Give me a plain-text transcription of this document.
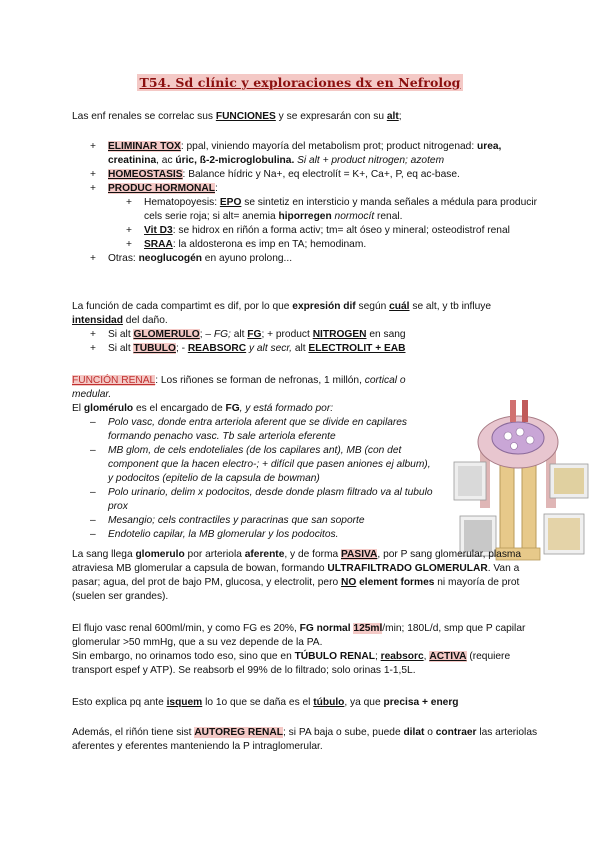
T54. Sd clínic y exploraciones dx en Nefrolog

Las enf renales se correlac sus FUNCIONES y se expresarán con su alt;

+ ELIMINAR TOX: ppal, viniendo mayoría del metabolism prot; product nitrogenad: urea, creatinina, ac úric, ß-2-microglobulina. Si alt + product nitrogen; azotem
+ HOMEOSTASIS: Balance hídric y Na+, eq electrolít = K+, Ca+, P, eq ac-base.
+ PRODUC HORMONAL:
+ Hematopoyesis: EPO se sintetiz en intersticio y manda señales a médula para producir cels serie roja; si alt= anemia hiporregen normocít renal.
+ Vit D3: se hidrox en riñón a forma activ; tm= alt óseo y mineral; osteodistrof renal
+ SRAA: la aldosterona es imp en TA; hemodinam.
+ Otras: neoglucogén en ayuno prolong...

La función de cada compartimt es dif, por lo que expresión dif según cuál se alt, y tb influye intensidad del daño.

+ Si alt GLOMERULO; – FG; alt FG; + product NITROGEN en sang
+ Si alt TUBULO; - REABSORC y alt secr, alt ELECTROLIT + EAB

FUNCIÓN RENAL: Los riñones se forman de nefronas, 1 millón, cortical o medular.

El glomérulo es el encargado de FG, y está formado por:

– Polo vasc, donde entra arteriola aferent que se divide en capilares formando penacho vasc. Tb sale arteriola eferente
– MB glom, de cels endoteliales (de los capilares ant), MB (con det component que la hacen electro-; + difícil que pasen aniones ej album), y podocitos (epitelio de la capsula de bowman)
– Polo urinario, delim x podocitos, desde donde plasm filtrado va al tubulo prox
– Mesangio; cels contractiles y paracrinas que san soporte
– Endotelio capilar, la MB glomerular y los podocitos.

La sang llega glomerulo por arteriola aferente, y de forma PASIVA, por P sang glomerular, plasma atraviesa MB glomerular a capsula de bowan, formando ULTRAFILTRADO GLOMERULAR. Van a pasar; agua, del prot de bajo PM, glucosa, y electrolit, pero NO element formes ni mayoría de prot (suelen ser grandes).

El flujo vasc renal 600ml/min, y como FG es 20%, FG normal 125ml/min; 180L/d, smp que P capilar glomerular >50 mmHg, que a su vez depende de la PA.

Sin embargo, no orinamos todo eso, sino que en TÚBULO RENAL; reabsorc, ACTIVA (requiere transport espef y ATP). Se reabsorb el 99% de lo filtrado; solo orinas 1-1,5L.

Esto explica pq ante isquem lo 1o que se daña es el túbulo, ya que precisa + energ

Además, el riñón tiene sist AUTOREG RENAL; si PA baja o sube, puede dilat o contraer las arteriolas aferentes y eferentes manteniendo la P intraglomerular.
